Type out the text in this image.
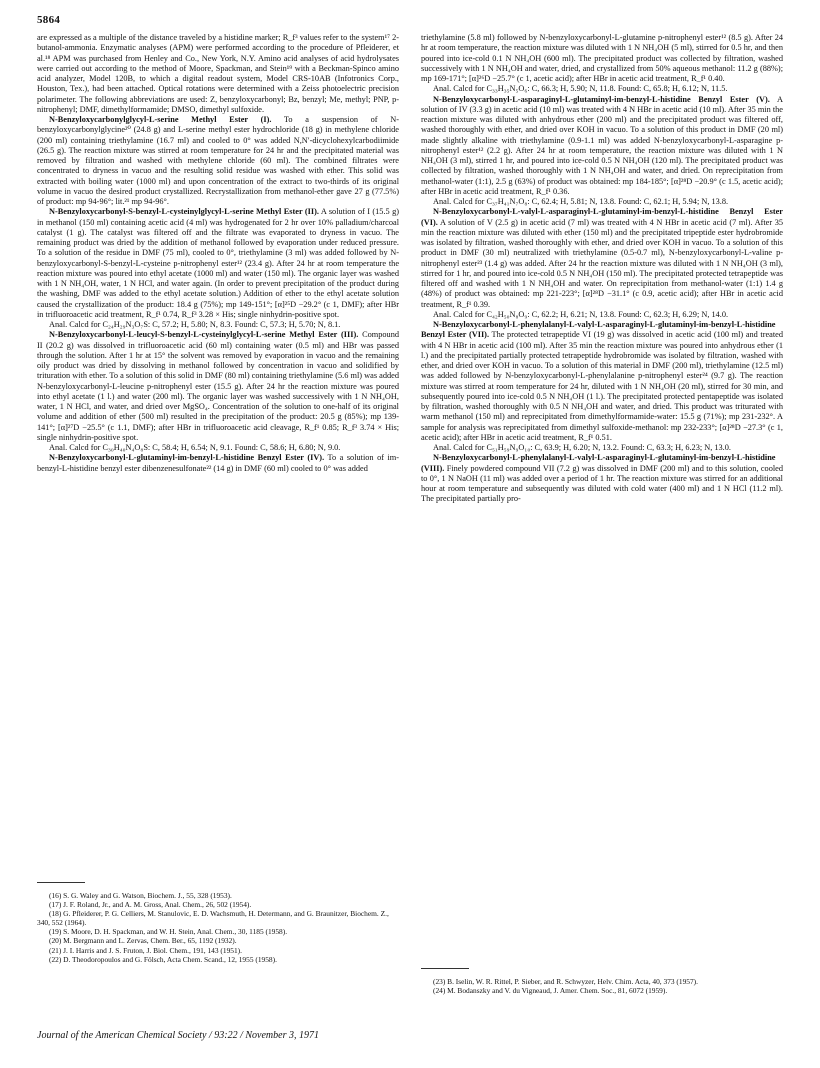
5864

are expressed as a multiple of the distance traveled by a histidine marker; R_f³ values refer to the system¹⁷ 2-butanol-ammonia. Enzymatic analyses (APM) were performed according to the procedure of Pfleiderer, et al.¹⁸ APM was purchased from Henley and Co., New York, N.Y. Amino acid analyses of acid hydrolysates were carried out according to the method of Moore, Spackman, and Stein¹⁹ with a Beckman-Spinco amino acid analyzer, Model 120B, to which a digital readout system, Model CRS-10AB (Infotronics Corp., Houston, Tex.), had been attached. Optical rotations were determined with a Zeiss photoelectric precision polarimeter. The following abbreviations are used: Z, benzyloxycarbonyl; Bz, benzyl; Me, methyl; PNP, p-nitrophenyl; DMF, dimethylformamide; DMSO, dimethyl sulfoxide.

N-Benzyloxycarbonylglycyl-L-serine Methyl Ester (I). To a suspension of N-benzyloxycarbonylglycine²⁰ (24.8 g) and L-serine methyl ester hydrochloride (18 g) in methylene chloride (200 ml) containing triethylamine (16.7 ml) and cooled to 0° was added N,N′-dicyclohexylcarbodiimide (26.5 g). The reaction mixture was stirred at room temperature for 24 hr and the precipitated material was removed by filtration and washed with methylene chloride (60 ml). The combined filtrates were concentrated to dryness in vacuo and the resulting solid residue was washed with ether. This solid was extracted with boiling water (1000 ml) and upon concentration of the extract to two-thirds of its original volume in vacuo the desired product crystallized. Recrystallization from methanol-ether gave 27 g (77.5%) of product: mp 94-96°; lit.²¹ mp 94-96°.

N-Benzyloxycarbonyl-S-benzyl-L-cysteinylglycyl-L-serine Methyl Ester (II). A solution of I (15.5 g) in methanol (150 ml) containing acetic acid (4 ml) was hydrogenated for 2 hr over 10% palladium/charcoal catalyst (1 g). The catalyst was filtered off and the filtrate was evaporated to dryness in vacuo. The remaining product was dried by the addition of methanol followed by evaporation under reduced pressure. To a solution of the residue in DMF (75 ml), cooled to 0°, triethylamine (3 ml) was added followed by N-benzyloxycarbonyl-S-benzyl-L-cysteine p-nitrophenyl ester¹² (23.4 g). After 24 hr at room temperature the reaction mixture was poured into ethyl acetate (1000 ml) and water (150 ml). The organic layer was washed with 1 N NH₄OH, water, 1 N HCl, and water again. (In order to prevent precipitation of the product during the washing, DMF was added to the ethyl acetate solution.) Addition of ether to the ethyl acetate solution caused the crystallization of the product: 18.4 g (75%); mp 149-151°; [α]²⁵D −29.2° (c 1, DMF); after HBr in trifluoroacetic acid treatment, R_f¹ 0.74, R_f³ 3.28 × His; single ninhydrin-positive spot.

Anal. Calcd for C₂₄H₂₉N₃O₇S: C, 57.2; H, 5.80; N, 8.3. Found: C, 57.3; H, 5.70; N, 8.1.

N-Benzyloxycarbonyl-L-leucyl-S-benzyl-L-cysteinylglycyl-L-serine Methyl Ester (III). Compound II (20.2 g) was dissolved in trifluoroacetic acid (60 ml) containing water (0.5 ml) and HBr was passed through the solution. After 1 hr at 15° the solvent was removed by evaporation in vacuo and the remaining oily product was dried by dissolving in methanol followed by concentration in vacuo and solidified by trituration with ether. To a solution of this solid in DMF (80 ml) containing triethylamine (5.6 ml) was added N-benzyloxycarbonyl-L-leucine p-nitrophenyl ester (15.5 g). After 24 hr the reaction mixture was poured into ethyl acetate (1 l.) and water (200 ml). The organic layer was washed successively with 1 N NH₄OH, water, 1 N HCl, and water, and dried over MgSO₄. Concentration of the solution to one-half of its original volume and addition of ether (500 ml) resulted in the precipitation of the product: 20.5 g (85%); mp 139-141°; [α]²⁷D −25.5° (c 1.1, DMF); after HBr in trifluoroacetic acid cleavage, R_f¹ 0.85; R_f³ 3.74 × His; single ninhydrin-positive spot.

Anal. Calcd for C₃₀H₄₀N₄O₈S: C, 58.4; H, 6.54; N, 9.1. Found: C, 58.6; H, 6.80; N, 9.0.

N-Benzyloxycarbonyl-L-glutaminyl-im-benzyl-L-histidine Benzyl Ester (IV). To a solution of im-benzyl-L-histidine benzyl ester dibenzenesulfonate²² (14 g) in DMF (60 ml) cooled to 0° was added

(16) S. G. Waley and G. Watson, Biochem. J., 55, 328 (1953).
(17) J. F. Roland, Jr., and A. M. Gross, Anal. Chem., 26, 502 (1954).
(18) G. Pfleiderer, P. G. Celliers, M. Stanulovic, E. D. Wachsmuth, H. Determann, and G. Braunitzer, Biochem. Z., 340, 552 (1964).
(19) S. Moore, D. H. Spackman, and W. H. Stein, Anal. Chem., 30, 1185 (1958).
(20) M. Bergmann and L. Zervas, Chem. Ber., 65, 1192 (1932).
(21) J. I. Harris and J. S. Fruton, J. Biol. Chem., 191, 143 (1951).
(22) D. Theodoropoulos and G. Fölsch, Acta Chem. Scand., 12, 1955 (1958).

triethylamine (5.8 ml) followed by N-benzyloxycarbonyl-L-glutamine p-nitrophenyl ester¹² (8.5 g). After 24 hr at room temperature, the reaction mixture was diluted with 1 N NH₄OH (5 ml), stirred for 0.5 hr, and then poured into ice-cold 0.1 N NH₄OH (600 ml). The precipitated product was collected by filtration, washed successively with 1 N NH₄OH and water, dried, and crystallized from 50% aqueous methanol: 11.2 g (88%); mp 169-171°; [α]²⁶D −25.7° (c 1, acetic acid); after HBr in acetic acid treatment, R_f¹ 0.40.

Anal. Calcd for C₃₃H₃₅N₅O₆: C, 66.3; H, 5.90; N, 11.8. Found: C, 65.8; H, 6.12; N, 11.5.

N-Benzyloxycarbonyl-L-asparaginyl-L-glutaminyl-im-benzyl-L-histidine Benzyl Ester (V). A solution of IV (3.3 g) in acetic acid (10 ml) was treated with 4 N HBr in acetic acid (10 ml). After 35 min the reaction mixture was diluted with anhydrous ether (200 ml) and the precipitated product was filtered off, washed thoroughly with ether, and dried over KOH in vacuo. To a solution of this product in DMF (20 ml) made slightly alkaline with triethylamine (0.9-1.1 ml) was added N-benzyloxycarbonyl-L-asparagine p-nitrophenyl ester¹² (2.2 g). After 24 hr at room temperature, the reaction mixture was diluted with 1 N NH₄OH (3 ml), stirred 1 hr, and poured into ice-cold 0.5 N NH₄OH (120 ml). The precipitated product was collected by filtration, washed thoroughly with 1 N NH₄OH and water, and dried. On reprecipitation from methanol-water (1:1), 2.5 g (63%) of product was obtained: mp 184-185°; [α]²⁸D −20.9° (c 1.5, acetic acid); after HBr in acetic acid treatment, R_f¹ 0.36.

Anal. Calcd for C₃₇H₄₁N₇O₈: C, 62.4; H, 5.81; N, 13.8. Found: C, 62.1; H, 5.94; N, 13.8.

N-Benzyloxycarbonyl-L-valyl-L-asparaginyl-L-glutaminyl-im-benzyl-L-histidine Benzyl Ester (VI). A solution of V (2.5 g) in acetic acid (7 ml) was treated with 4 N HBr in acetic acid (7 ml). After 35 min the reaction mixture was diluted with ether (150 ml) and the precipitated tripeptide ester hydrobromide was isolated by filtration, washed thoroughly with ether, and dried over KOH in vacuo. To a solution of this product in DMF (30 ml) neutralized with triethylamine (0.5-0.7 ml), N-benzyloxycarbonyl-L-valine p-nitrophenyl ester²³ (1.4 g) was added. After 24 hr the reaction mixture was diluted with 1 N NH₄OH (3 ml), stirred for 1 hr, and poured into ice-cold 0.5 N NH₄OH (150 ml). The precipitated protected tetrapeptide was filtered off and washed with 1 N NH₄OH and water. On reprecipitation from methanol-water (1:1) 1.4 g (48%) of product was obtained: mp 221-223°; [α]²⁸D −31.1° (c 0.9, acetic acid); after HBr in acetic acid treatment, R_f¹ 0.39.

Anal. Calcd for C₄₂H₅₀N₈O₉: C, 62.2; H, 6.21; N, 13.8. Found: C, 62.3; H, 6.29; N, 14.0.

N-Benzyloxycarbonyl-L-phenylalanyl-L-valyl-L-asparaginyl-L-glutaminyl-im-benzyl-L-histidine Benzyl Ester (VII). The protected tetrapeptide VI (19 g) was dissolved in acetic acid (100 ml) and treated with 4 N HBr in acetic acid (100 ml). After 35 min the reaction mixture was poured into anhydrous ether (1 l.) and the precipitated partially protected tetrapeptide hydrobromide was isolated by filtration, washed with ether, and dried over KOH in vacuo. To a solution of this material in DMF (200 ml), triethylamine (12.5 ml) was added followed by N-benzyloxycarbonyl-L-phenylalanine p-nitrophenyl ester²⁴ (9.7 g). The reaction mixture was stirred at room temperature for 24 hr, diluted with 1 N NH₄OH (20 ml), stirred for 30 min, and subsequently poured into ice-cold 0.5 N NH₄OH (1 l.). The precipitated protected pentapeptide was isolated by filtration, washed thoroughly with 0.5 N NH₄OH and water, and dried. This product was triturated with warm methanol (150 ml) and reprecipitated from dimethylformamide-water: 15.5 g (71%); mp 231-232°. A sample for analysis was reprecipitated from dimethyl sulfoxide-methanol: mp 232-233°; [α]²⁸D −27.3° (c 1, acetic acid); after HBr in acetic acid treatment, R_f¹ 0.51.

Anal. Calcd for C₅₁H₅₉N₉O₁₀: C, 63.9; H, 6.20; N, 13.2. Found: C, 63.3; H, 6.23; N, 13.0.

N-Benzyloxycarbonyl-L-phenylalanyl-L-valyl-L-asparaginyl-L-glutaminyl-im-benzyl-L-histidine (VIII). Finely powdered compound VII (7.2 g) was dissolved in DMF (200 ml) and to this solution, cooled to 0°, 1 N NaOH (11 ml) was added over a period of 1 hr. The reaction mixture was stirred for an additional hour at room temperature and subsequently was diluted with cold water (400 ml) and 1 N HCl (11.2 ml). The precipitated partially pro-

(23) B. Iselin, W. R. Rittel, P. Sieber, and R. Schwyzer, Helv. Chim. Acta, 40, 373 (1957).
(24) M. Bodanszky and V. du Vigneaud, J. Amer. Chem. Soc., 81, 6072 (1959).
Journal of the American Chemical Society / 93:22 / November 3, 1971
